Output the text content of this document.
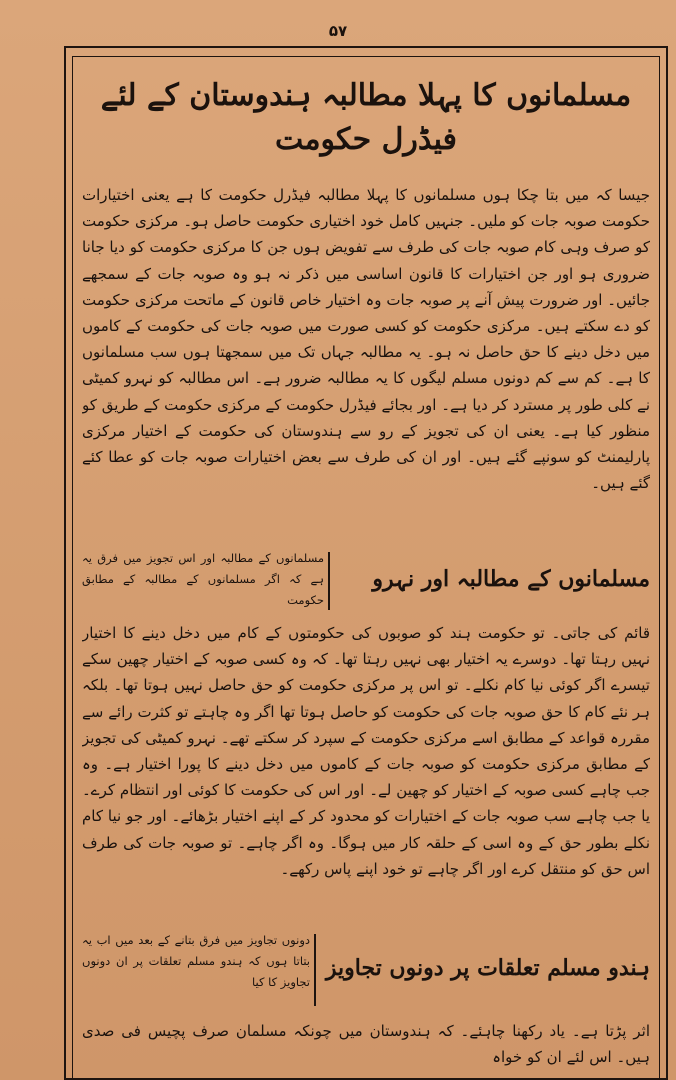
۵۷
مسلمانوں کا پہلا مطالبہ ہندوستان کے لئے فیڈرل حکومت
جیسا کہ میں بتا چکا ہوں مسلمانوں کا پہلا مطالبہ فیڈرل حکومت کا ہے یعنی اختیارات حکومت صوبہ جات کو ملیں۔ جنہیں کامل خود اختیاری حکومت حاصل ہو۔ مرکزی حکومت کو صرف وہی کام صوبہ جات کی طرف سے تفویض ہوں جن کا مرکزی حکومت کو دیا جانا ضروری ہو اور جن اختیارات کا قانون اساسی میں ذکر نہ ہو وہ صوبہ جات کے سمجھے جائیں۔ اور ضرورت پیش آنے پر صوبہ جات وہ اختیار خاص قانون کے ماتحت مرکزی حکومت کو دے سکتے ہیں۔ مرکزی حکومت کو کسی صورت میں صوبہ جات کی حکومت کے کاموں میں دخل دینے کا حق حاصل نہ ہو۔ یہ مطالبہ جہاں تک میں سمجھتا ہوں سب مسلمانوں کا ہے۔ کم سے کم دونوں مسلم لیگوں کا یہ مطالبہ ضرور ہے۔ اس مطالبہ کو نہرو کمیٹی نے کلی طور پر مسترد کر دیا ہے۔ اور بجائے فیڈرل حکومت کے مرکزی حکومت کے طریق کو منظور کیا ہے۔ یعنی ان کی تجویز کے رو سے ہندوستان کی حکومت کے اختیار مرکزی پارلیمنٹ کو سونپے گئے ہیں۔ اور ان کی طرف سے بعض اختیارات صوبہ جات کو عطا کئے گئے ہیں۔
مسلمانوں کے مطالبہ اور نہرو
مسلمانوں کے مطالبہ اور اس تجویز میں فرق یہ ہے کہ اگر مسلمانوں کے مطالبہ کے مطابق حکومت
قائم کی جاتی۔ تو حکومت ہند کو صوبوں کی حکومتوں کے کام میں دخل دینے کا اختیار نہیں رہتا تھا۔ دوسرے یہ اختیار بھی نہیں رہتا تھا۔ کہ وہ کسی صوبہ کے اختیار چھین سکے تیسرے اگر کوئی نیا کام نکلے۔ تو اس پر مرکزی حکومت کو حق حاصل نہیں ہوتا تھا۔ بلکہ ہر نئے کام کا حق صوبہ جات کی حکومت کو حاصل ہوتا تھا اگر وہ چاہتے تو کثرت رائے سے مقررہ قواعد کے مطابق اسے مرکزی حکومت کے سپرد کر سکتے تھے۔ نہرو کمیٹی کی تجویز کے مطابق مرکزی حکومت کو صوبہ جات کے کاموں میں دخل دینے کا پورا اختیار ہے۔ وہ جب چاہے کسی صوبہ کے اختیار کو چھین لے۔ اور اس کی حکومت کا کوئی اور انتظام کرے۔ یا جب چاہے سب صوبہ جات کے اختیارات کو محدود کر کے اپنے اختیار بڑھائے۔ اور جو نیا کام نکلے بطور حق کے وہ اسی کے حلقہ کار میں ہوگا۔ وہ اگر چاہے۔ تو صوبہ جات کی طرف اس حق کو منتقل کرے اور اگر چاہے تو خود اپنے پاس رکھے۔
ہندو مسلم تعلقات پر دونوں تجاویز
دونوں تجاویز میں فرق بتانے کے بعد میں اب یہ بتاتا ہوں کہ ہندو مسلم تعلقات پر ان دونوں تجاویز کا کیا
اثر پڑتا ہے۔ یاد رکھنا چاہئے۔ کہ ہندوستان میں چونکہ مسلمان صرف پچیس فی صدی ہیں۔ اس لئے ان کو خواہ
